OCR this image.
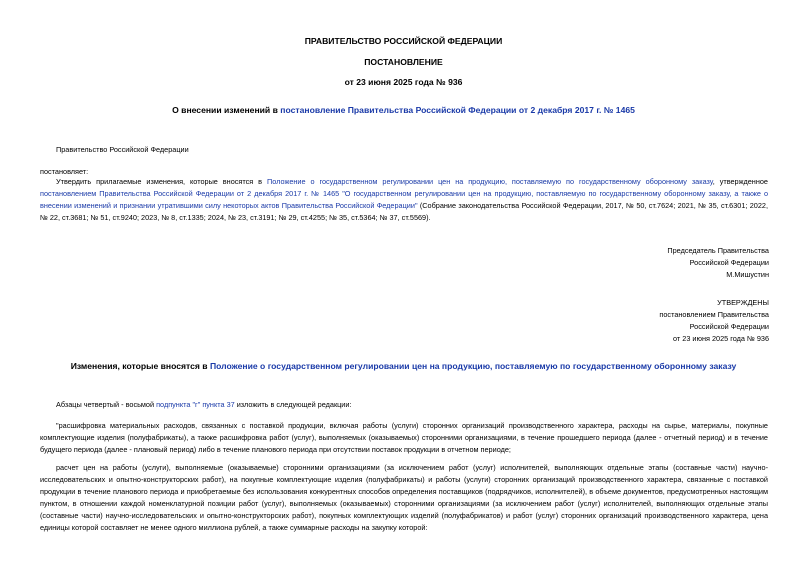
ПРАВИТЕЛЬСТВО РОССИЙСКОЙ ФЕДЕРАЦИИ
ПОСТАНОВЛЕНИЕ
от 23 июня 2025 года № 936
О внесении изменений в постановление Правительства Российской Федерации от 2 декабря 2017 г. № 1465
Правительство Российской Федерации
постановляет:
Утвердить прилагаемые изменения, которые вносятся в Положение о государственном регулировании цен на продукцию, поставляемую по государственному оборонному заказу, утвержденное постановлением Правительства Российской Федерации от 2 декабря 2017 г. № 1465 "О государственном регулировании цен на продукцию, поставляемую по государственному оборонному заказу, а также о внесении изменений и признании утратившими силу некоторых актов Правительства Российской Федерации" (Собрание законодательства Российской Федерации, 2017, № 50, ст.7624; 2021, № 35, ст.6301; 2022, № 22, ст.3681; № 51, ст.9240; 2023, № 8, ст.1335; 2024, № 23, ст.3191; № 29, ст.4255; № 35, ст.5364; № 37, ст.5569).
Председатель Правительства
Российской Федерации
М.Мишустин
УТВЕРЖДЕНЫ
постановлением Правительства
Российской Федерации
от 23 июня 2025 года № 936
Изменения, которые вносятся в Положение о государственном регулировании цен на продукцию, поставляемую по государственному оборонному заказу
Абзацы четвертый - восьмой подпункта "г" пункта 37 изложить в следующей редакции:
"расшифровка материальных расходов, связанных с поставкой продукции, включая работы (услуги) сторонних организаций производственного характера, расходы на сырье, материалы, покупные комплектующие изделия (полуфабрикаты), а также расшифровка работ (услуг), выполняемых (оказываемых) сторонними организациями, в течение прошедшего периода (далее - отчетный период) и в течение будущего периода (далее - плановый период) либо в течение планового периода при отсутствии поставок продукции в отчетном периоде;
расчет цен на работы (услуги), выполняемые (оказываемые) сторонними организациями (за исключением работ (услуг) исполнителей, выполняющих отдельные этапы (составные части) научно-исследовательских и опытно-конструкторских работ), на покупные комплектующие изделия (полуфабрикаты) и работы (услуги) сторонних организаций производственного характера, связанные с поставкой продукции в течение планового периода и приобретаемые без использования конкурентных способов определения поставщиков (подрядчиков, исполнителей), в объеме документов, предусмотренных настоящим пунктом, в отношении каждой номенклатурной позиции работ (услуг), выполняемых (оказываемых) сторонними организациями (за исключением работ (услуг) исполнителей, выполняющих отдельные этапы (составные части) научно-исследовательских и опытно-конструкторских работ), покупных комплектующих изделий (полуфабрикатов) и работ (услуг) сторонних организаций производственного характера, цена единицы которой составляет не менее одного миллиона рублей, а также суммарные расходы на закупку которой:
